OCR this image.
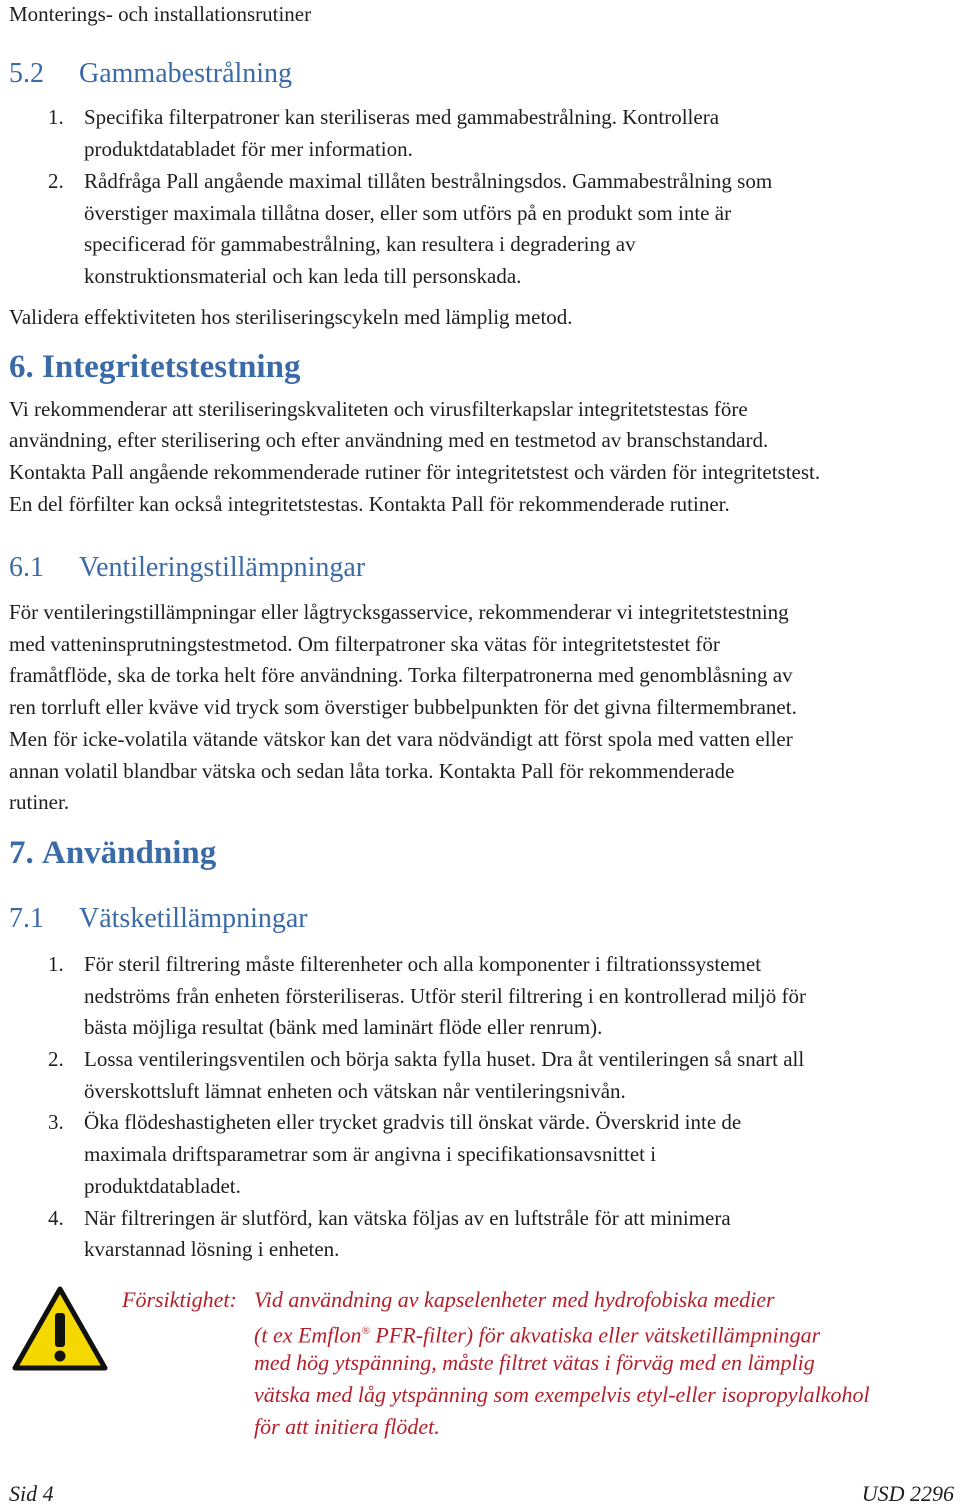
Monterings- och installationsrutiner
5.2 Gammabestrålning
1. Specifika filterpatroner kan steriliseras med gammabestrålning. Kontrollera
produktdatabladet för mer information.
2. Rådfråga Pall angående maximal tillåten bestrålningsdos. Gammabestrålning som
överstiger maximala tillåtna doser, eller som utförs på en produkt som inte är
specificerad för gammabestrålning, kan resultera i degradering av
konstruktionsmaterial och kan leda till personskada.
Validera effektiviteten hos steriliseringscykeln med lämplig metod.
6. Integritetstestning
Vi rekommenderar att steriliseringskvaliteten och virusfilterkapslar integritetstestas före
användning, efter sterilisering och efter användning med en testmetod av branschstandard.
Kontakta Pall angående rekommenderade rutiner för integritetstest och värden för integritetstest.
En del förfilter kan också integritetstestas. Kontakta Pall för rekommenderade rutiner.
6.1 Ventileringstillämpningar
För ventileringstillämpningar eller lågtrycksgasservice, rekommenderar vi integritetstestning
med vatteninsprutningstestmetod. Om filterpatroner ska vätas för integritetstestet för
framåtflöde, ska de torka helt före användning. Torka filterpatronerna med genomblåsning av
ren torrluft eller kväve vid tryck som överstiger bubbelpunkten för det givna filtermembranet.
Men för icke-volatila vätande vätskor kan det vara nödvändigt att först spola med vatten eller
annan volatil blandbar vätska och sedan låta torka. Kontakta Pall för rekommenderade
rutiner.
7. Användning
7.1 Vätsketillämpningar
1. För steril filtrering måste filterenheter och alla komponenter i filtrationssystemet
nedströms från enheten försteriliseras. Utför steril filtrering i en kontrollerad miljö för
bästa möjliga resultat (bänk med laminärt flöde eller renrum).
2. Lossa ventileringsventilen och börja sakta fylla huset. Dra åt ventileringen så snart all
överskottsluft lämnat enheten och vätskan når ventileringsnivån.
3. Öka flödeshastigheten eller trycket gradvis till önskat värde. Överskrid inte de
maximala driftsparametrar som är angivna i specifikationsavsnittet i
produktdatabladet.
4. När filtreringen är slutförd, kan vätska följas av en luftstråle för att minimera
kvarstannad lösning i enheten.
Försiktighet: Vid användning av kapselenheter med hydrofobiska medier
(t ex Emflon® PFR-filter) för akvatiska eller vätsketillämpningar
med hög ytspänning, måste filtret vätas i förväg med en lämplig
vätska med låg ytspänning som exempelvis etyl-eller isopropylalkohol
för att initiera flödet.
Sid 4	USD 2296
